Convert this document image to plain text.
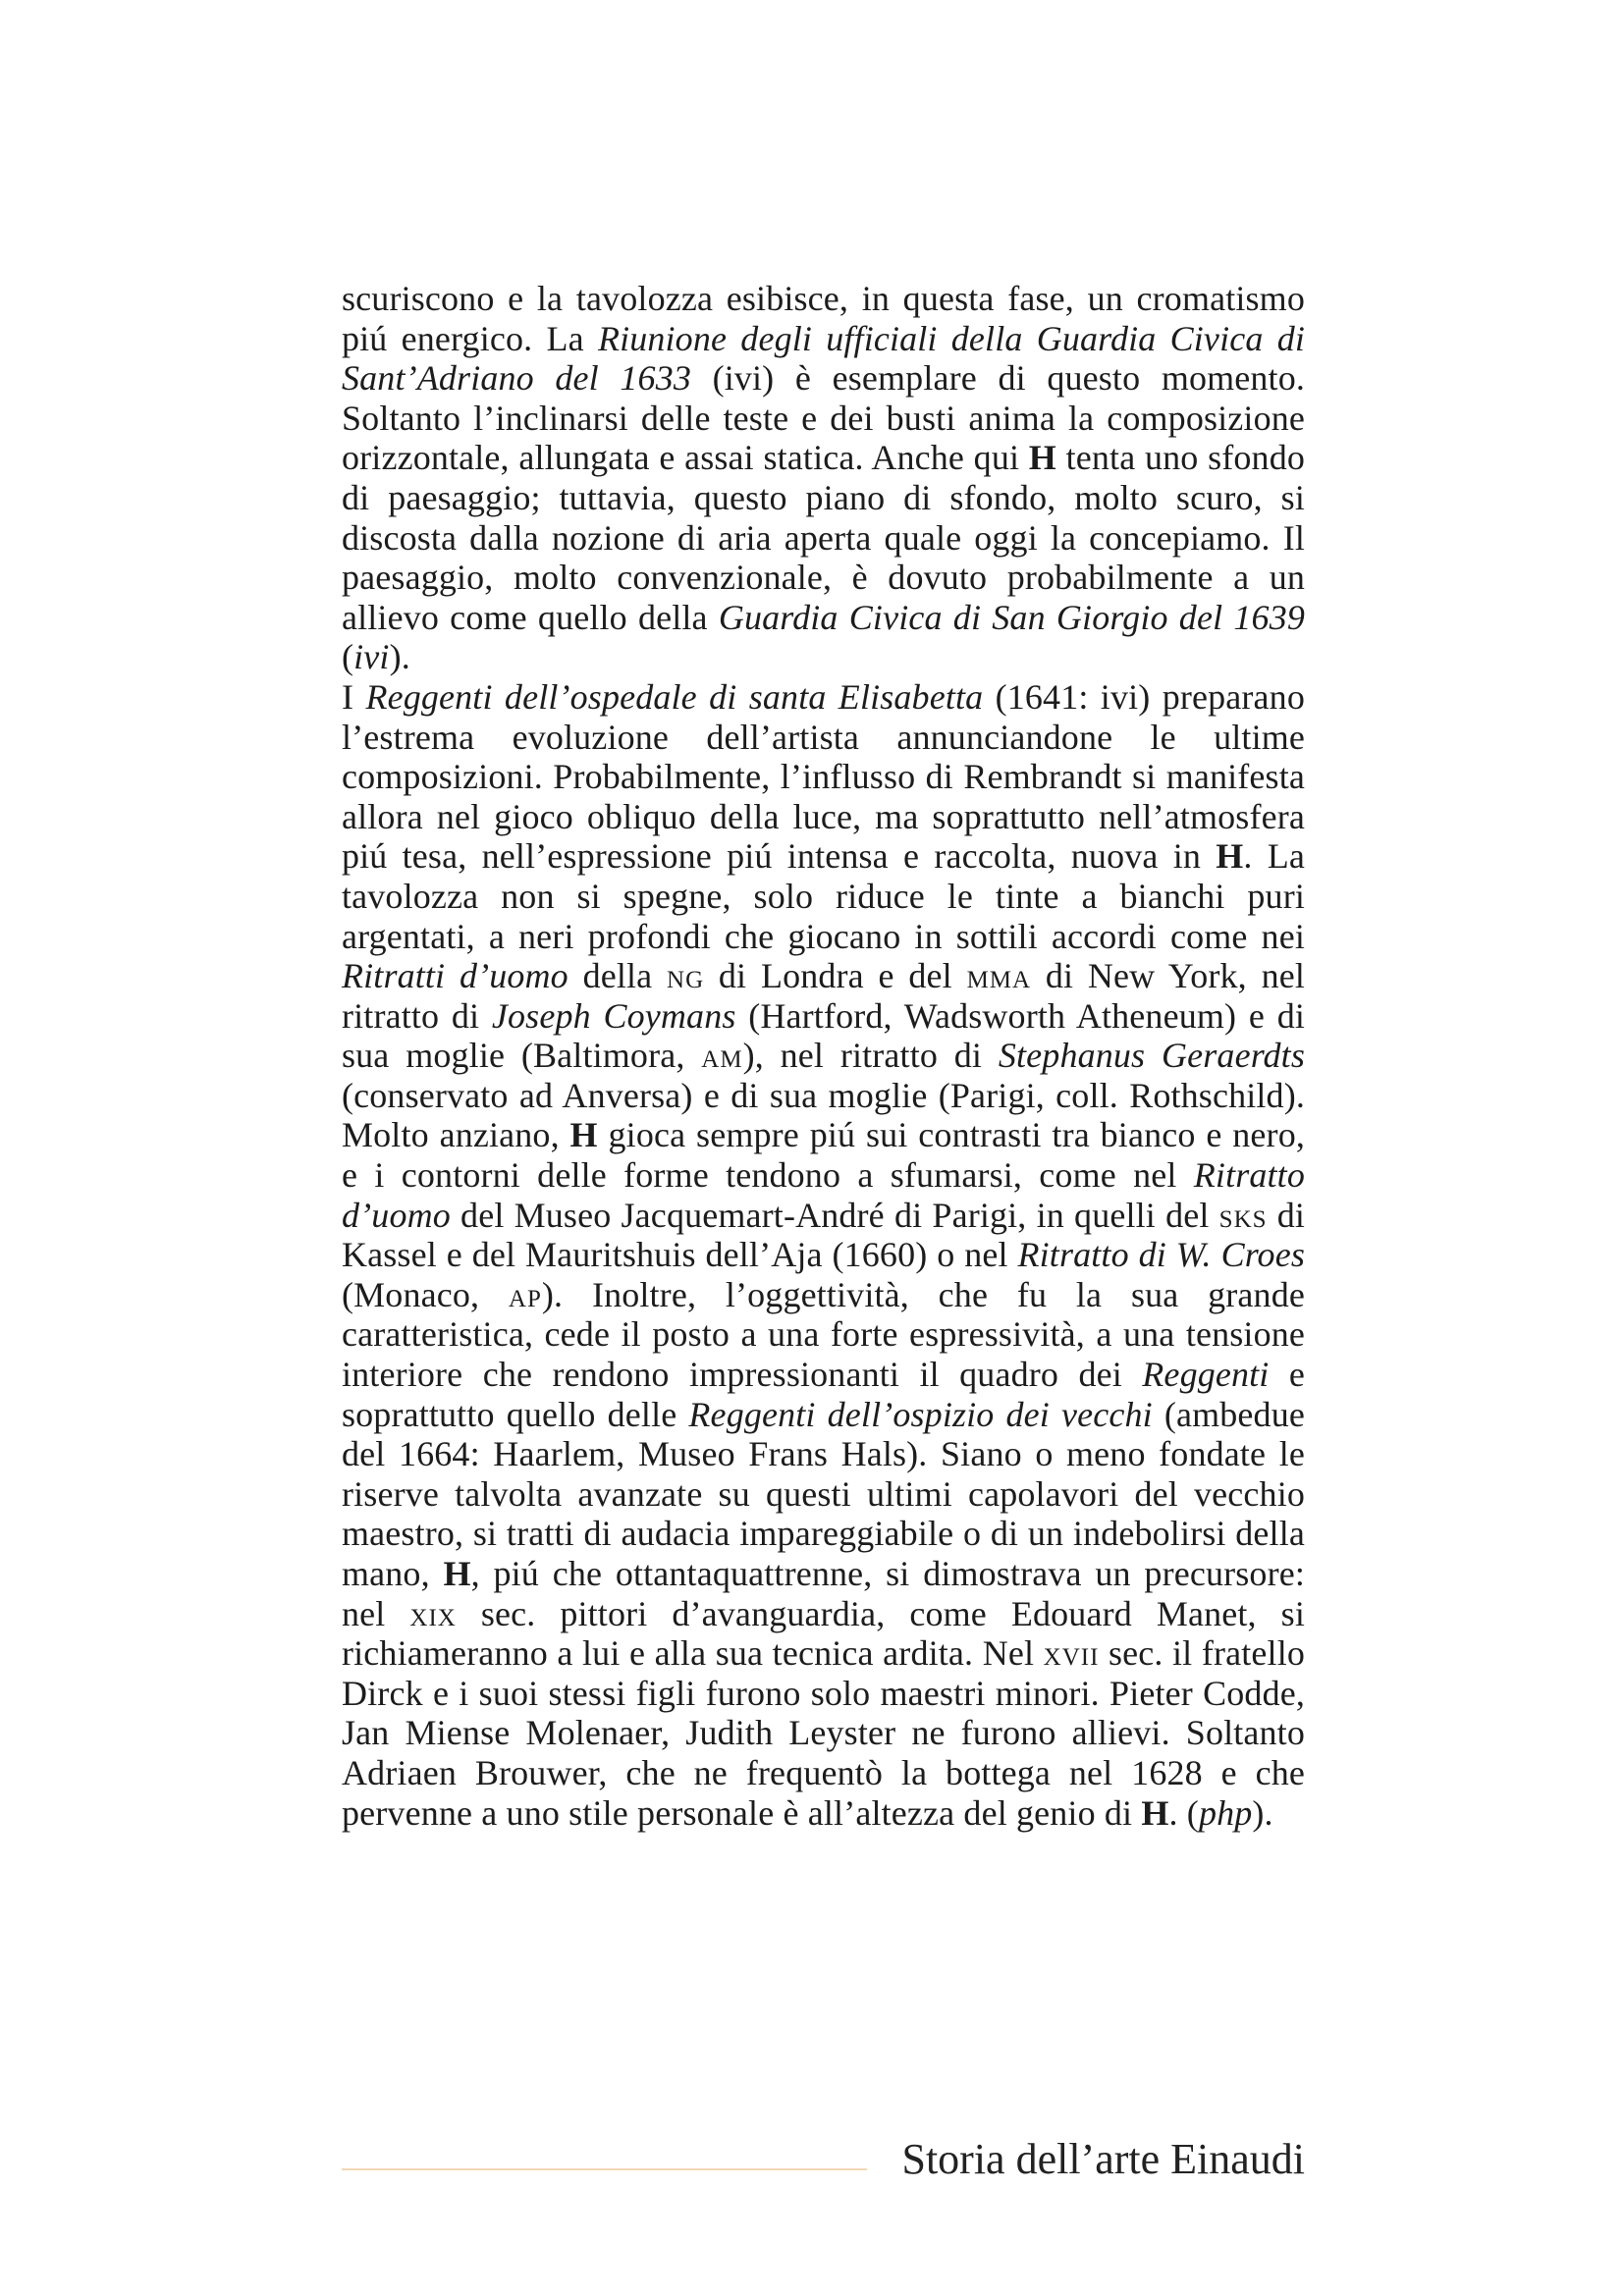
scuriscono e la tavolozza esibisce, in questa fase, un cromatismo piú energico. La Riunione degli ufficiali della Guardia Civica di Sant’Adriano del 1633 (ivi) è esemplare di questo momento. Soltanto l’inclinarsi delle teste e dei busti anima la composizione orizzontale, allungata e assai statica. Anche qui H tenta uno sfondo di paesaggio; tuttavia, questo piano di sfondo, molto scuro, si discosta dalla nozione di aria aperta quale oggi la concepiamo. Il paesaggio, molto convenzionale, è dovuto probabilmente a un allievo come quello della Guardia Civica di San Giorgio del 1639 (ivi).

I Reggenti dell’ospedale di santa Elisabetta (1641: ivi) preparano l’estrema evoluzione dell’artista annunciandone le ultime composizioni. Probabilmente, l’influsso di Rembrandt si manifesta allora nel gioco obliquo della luce, ma soprattutto nell’atmosfera piú tesa, nell’espressione piú intensa e raccolta, nuova in H. La tavolozza non si spegne, solo riduce le tinte a bianchi puri argentati, a neri profondi che giocano in sottili accordi come nei Ritratti d’uomo della ng di Londra e del mma di New York, nel ritratto di Joseph Coymans (Hartford, Wadsworth Atheneum) e di sua moglie (Baltimora, am), nel ritratto di Stephanus Geraerdts (conservato ad Anversa) e di sua moglie (Parigi, coll. Rothschild). Molto anziano, H gioca sempre piú sui contrasti tra bianco e nero, e i contorni delle forme tendono a sfumarsi, come nel Ritratto d’uomo del Museo Jacquemart-André di Parigi, in quelli del sks di Kassel e del Mauritshuis dell’Aja (1660) o nel Ritratto di W. Croes (Monaco, ap). Inoltre, l’oggettività, che fu la sua grande caratteristica, cede il posto a una forte espressività, a una tensione interiore che rendono impressionanti il quadro dei Reggenti e soprattutto quello delle Reggenti dell’ospizio dei vecchi (ambedue del 1664: Haarlem, Museo Frans Hals). Siano o meno fondate le riserve talvolta avanzate su questi ultimi capolavori del vecchio maestro, si tratti di audacia impareggiabile o di un indebolirsi della mano, H, piú che ottantaquattrenne, si dimostrava un precursore: nel xix sec. pittori d’avanguardia, come Edouard Manet, si richiameranno a lui e alla sua tecnica ardita. Nel xvii sec. il fratello Dirck e i suoi stessi figli furono solo maestri minori. Pieter Codde, Jan Miense Molenaer, Judith Leyster ne furono allievi. Soltanto Adriaen Brouwer, che ne frequentò la bottega nel 1628 e che pervenne a uno stile personale è all’altezza del genio di H. (php).

Storia dell’arte Einaudi
